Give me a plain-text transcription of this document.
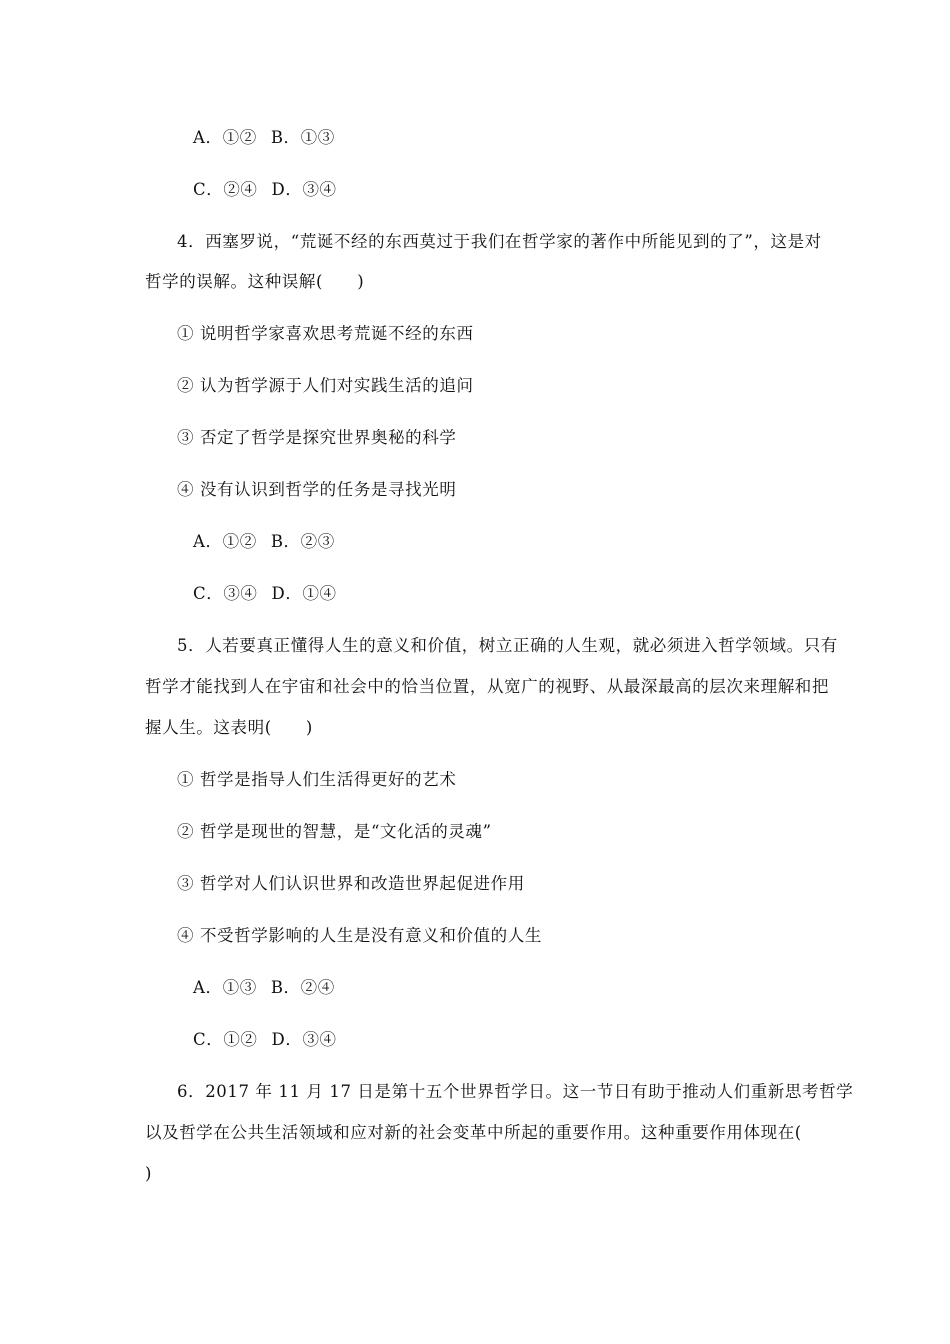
A．①② B．①③
C．②④ D．③④
4．西塞罗说，“荒诞不经的东西莫过于我们在哲学家的著作中所能见到的了”，这是对
哲学的误解。这种误解(　　)
① 说明哲学家喜欢思考荒诞不经的东西
② 认为哲学源于人们对实践生活的追问
③ 否定了哲学是探究世界奥秘的科学
④ 没有认识到哲学的任务是寻找光明
A．①② B．②③
C．③④ D．①④
5．人若要真正懂得人生的意义和价值，树立正确的人生观，就必须进入哲学领域。只有
哲学才能找到人在宇宙和社会中的恰当位置，从宽广的视野、从最深最高的层次来理解和把
握人生。这表明(　　)
① 哲学是指导人们生活得更好的艺术
② 哲学是现世的智慧，是“文化活的灵魂”
③ 哲学对人们认识世界和改造世界起促进作用
④ 不受哲学影响的人生是没有意义和价值的人生
A．①③ B．②④
C．①② D．③④
6．2017 年 11 月 17 日是第十五个世界哲学日。这一节日有助于推动人们重新思考哲学
以及哲学在公共生活领域和应对新的社会变革中所起的重要作用。这种重要作用体现在(
)
